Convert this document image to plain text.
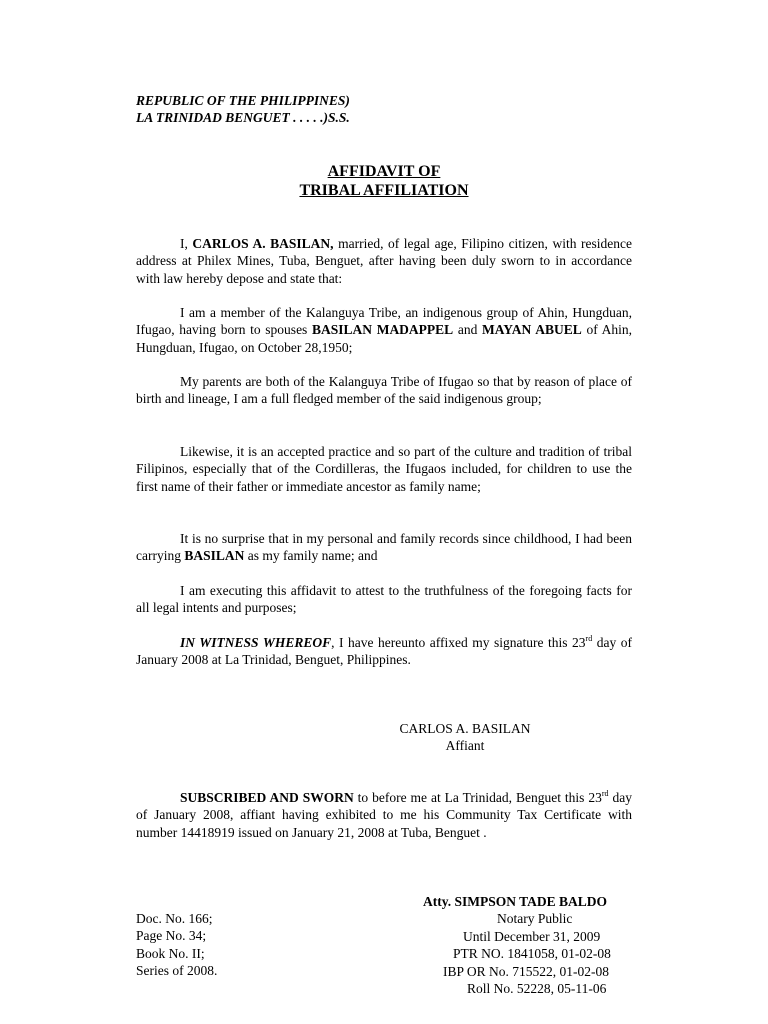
REPUBLIC OF THE PHILIPPINES)
LA TRINIDAD BENGUET . . . . .)S.S.
AFFIDAVIT OF
TRIBAL AFFILIATION

I, CARLOS A. BASILAN, married, of legal age, Filipino citizen, with residence address at Philex Mines, Tuba, Benguet, after having been duly sworn to in accordance with law hereby depose and state that:

I am a member of the Kalanguya Tribe, an indigenous group of Ahin, Hungduan, Ifugao, having born to spouses BASILAN MADAPPEL and MAYAN ABUEL of Ahin, Hungduan, Ifugao, on October 28,1950;

My parents are both of the Kalanguya Tribe of Ifugao so that by reason of place of birth and lineage, I am a full fledged member of the said indigenous group;

Likewise, it is an accepted practice and so part of the culture and tradition of tribal Filipinos, especially that of the Cordilleras, the Ifugaos included, for children to use the first name of their father or immediate ancestor as family name;

It is no surprise that in my personal and family records since childhood, I had been carrying BASILAN as my family name; and

I am executing this affidavit to attest to the truthfulness of the foregoing facts for all legal intents and purposes;

IN WITNESS WHEREOF, I have hereunto affixed my signature this 23rd day of January 2008 at La Trinidad, Benguet, Philippines.

CARLOS A. BASILAN
Affiant

SUBSCRIBED AND SWORN to before me at La Trinidad, Benguet this 23rd day of January 2008, affiant having exhibited to me his Community Tax Certificate with number 14418919 issued on January 21, 2008 at Tuba, Benguet .

Doc. No. 166;
Page No. 34;
Book No. II;
Series of 2008.
Atty. SIMPSON TADE BALDO
Notary Public
Until December 31, 2009
PTR NO. 1841058, 01-02-08
IBP OR No. 715522, 01-02-08
Roll No. 52228, 05-11-06
